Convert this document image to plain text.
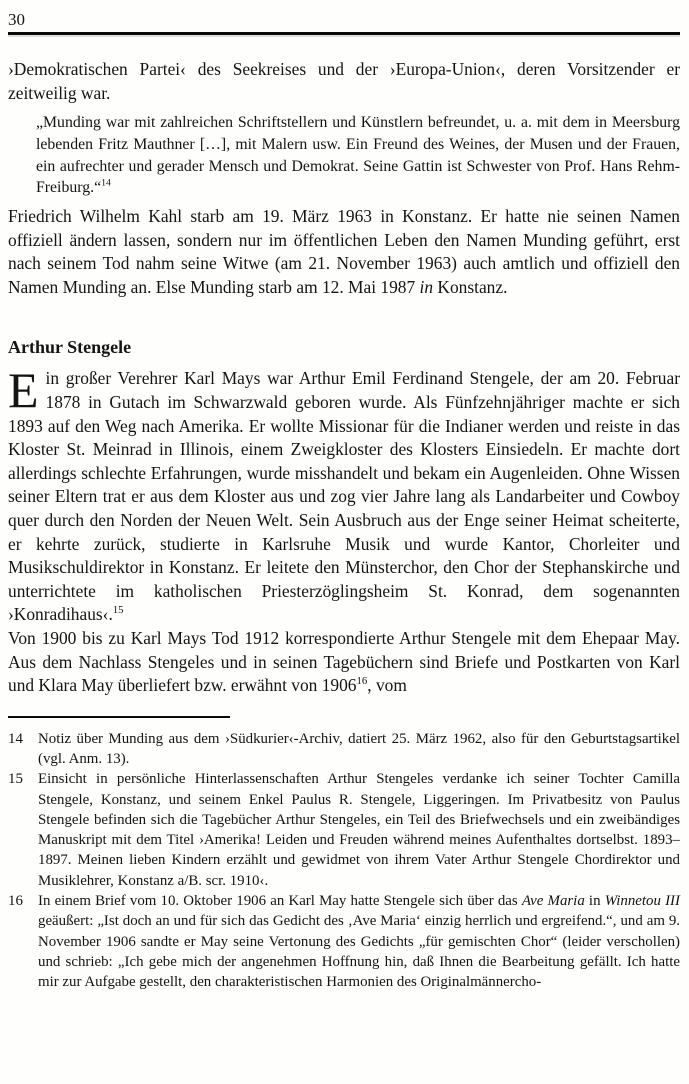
30

›Demokratischen Partei‹ des Seekreises und der ›Europa-Union‹, deren Vorsitzender er zeitweilig war.

„Munding war mit zahlreichen Schriftstellern und Künstlern befreundet, u. a. mit dem in Meersburg lebenden Fritz Mauthner […], mit Malern usw. Ein Freund des Weines, der Musen und der Frauen, ein aufrechter und gerader Mensch und Demokrat. Seine Gattin ist Schwester von Prof. Hans Rehm-Freiburg.“$^{14}$

Friedrich Wilhelm Kahl starb am 19. März 1963 in Konstanz. Er hatte nie seinen Namen offiziell ändern lassen, sondern nur im öffentlichen Leben den Namen Munding geführt, erst nach seinem Tod nahm seine Witwe (am 21. November 1963) auch amtlich und offiziell den Namen Munding an. Else Munding starb am 12. Mai 1987 in Konstanz.

Arthur Stengele

Ein großer Verehrer Karl Mays war Arthur Emil Ferdinand Stengele, der am 20. Februar 1878 in Gutach im Schwarzwald geboren wurde. Als Fünfzehnjähriger machte er sich 1893 auf den Weg nach Amerika. Er wollte Missionar für die Indianer werden und reiste in das Kloster St. Meinrad in Illinois, einem Zweigkloster des Klosters Einsiedeln. Er machte dort allerdings schlechte Erfahrungen, wurde misshandelt und bekam ein Augenleiden. Ohne Wissen seiner Eltern trat er aus dem Kloster aus und zog vier Jahre lang als Landarbeiter und Cowboy quer durch den Norden der Neuen Welt. Sein Ausbruch aus der Enge seiner Heimat scheiterte, er kehrte zurück, studierte in Karlsruhe Musik und wurde Kantor, Chorleiter und Musikschuldirektor in Konstanz. Er leitete den Münsterchor, den Chor der Stephanskirche und unterrichtete im katholischen Priesterzöglingsheim St. Konrad, dem sogenannten ›Konradihaus‹.$^{15}$

Von 1900 bis zu Karl Mays Tod 1912 korrespondierte Arthur Stengele mit dem Ehepaar May. Aus dem Nachlass Stengeles und in seinen Tagebüchern sind Briefe und Postkarten von Karl und Klara May überliefert bzw. erwähnt von 1906$^{16}$, vom

14	Notiz über Munding aus dem ›Südkurier‹-Archiv, datiert 25. März 1962, also für den Geburtstagsartikel (vgl. Anm. 13).
15	Einsicht in persönliche Hinterlassenschaften Arthur Stengeles verdanke ich seiner Tochter Camilla Stengele, Konstanz, und seinem Enkel Paulus R. Stengele, Liggeringen. Im Privatbesitz von Paulus Stengele befinden sich die Tagebücher Arthur Stengeles, ein Teil des Briefwechsels und ein zweibändiges Manuskript mit dem Titel ›Amerika! Leiden und Freuden während meines Aufenthaltes dortselbst. 1893–1897. Meinen lieben Kindern erzählt und gewidmet von ihrem Vater Arthur Stengele Chordirektor und Musiklehrer, Konstanz a/B. scr. 1910‹.
16	In einem Brief vom 10. Oktober 1906 an Karl May hatte Stengele sich über das Ave Maria in Winnetou III geäußert: „Ist doch an und für sich das Gedicht des ‚Ave Maria‘ einzig herrlich und ergreifend.“, und am 9. November 1906 sandte er May seine Vertonung des Gedichts „für gemischten Chor“ (leider verschollen) und schrieb: „Ich gebe mich der angenehmen Hoffnung hin, daß Ihnen die Bearbeitung gefällt. Ich hatte mir zur Aufgabe gestellt, den charakteristischen Harmonien des Originalmännercho-
